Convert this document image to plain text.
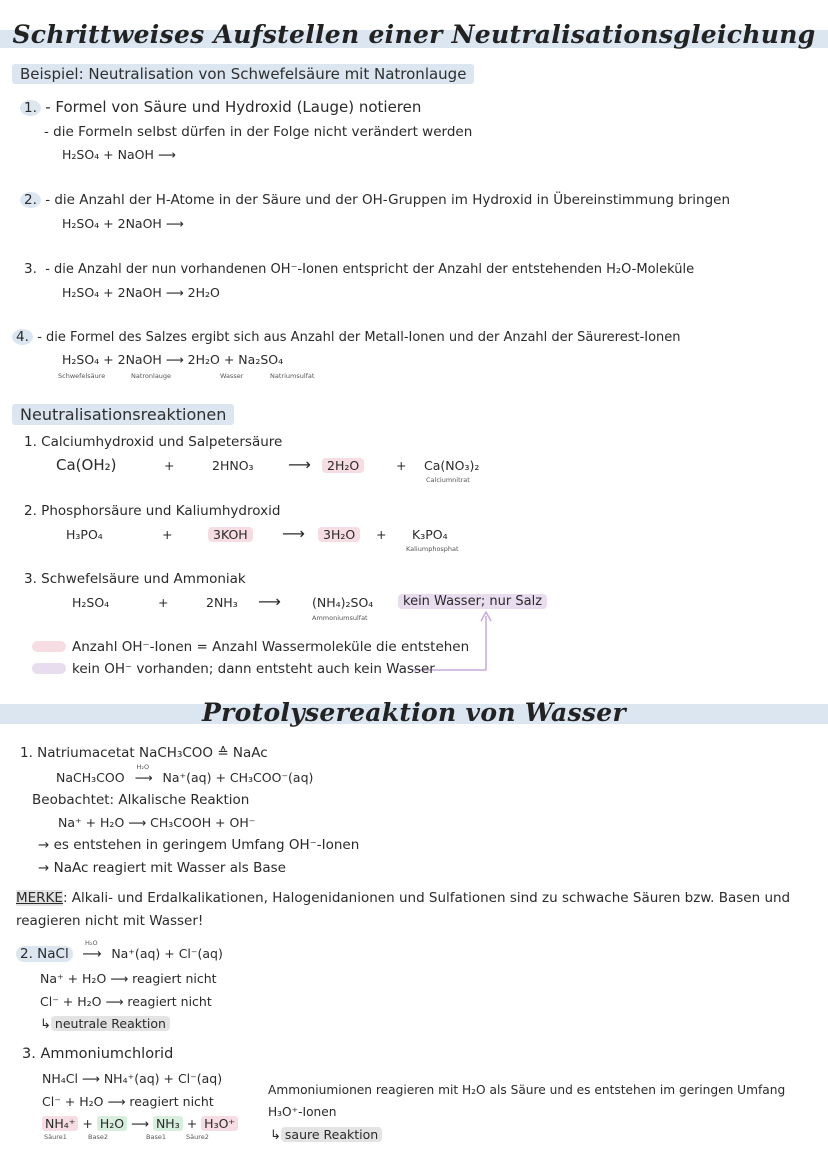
Schrittweises Aufstellen einer Neutralisationsgleichung
Beispiel: Neutralisation von Schwefelsäure mit Natronlauge
1. - Formel von Säure und Hydroxid (Lauge) notieren
- die Formeln selbst dürfen in der Folge nicht verändert werden
H₂SO₄ + NaOH ⟶
2. - die Anzahl der H-Atome in der Säure und der OH-Gruppen im Hydroxid in Übereinstimmung bringen
H₂SO₄ + 2NaOH ⟶
3. - die Anzahl der nun vorhandenen OH⁻-Ionen entspricht der Anzahl der entstehenden H₂O-Moleküle
H₂SO₄ + 2NaOH ⟶ 2H₂O
4. - die Formel des Salzes ergibt sich aus Anzahl der Metall-Ionen und der Anzahl der Säurerest-Ionen
H₂SO₄ + 2NaOH ⟶ 2H₂O + Na₂SO₄
Schwefelsäure	Natronlauge	Wasser	Natriumsulfat
Neutralisationsreaktionen
1. Calciumhydroxid und Salpetersäure
Ca(OH₂)	+	2HNO₃ ⟶	2H₂O	+ Ca(NO₃)₂
Calciumnitrat
2. Phosphorsäure und Kaliumhydroxid
H₃PO₄	+	3KOH	⟶	3H₂O	+ K₃PO₄
Kaliumphosphat
3. Schwefelsäure und Ammoniak
H₂SO₄	+	2NH₃ ⟶ (NH₄)₂SO₄
Ammoniumsulfat
kein Wasser; nur Salz
Anzahl OH⁻-Ionen = Anzahl Wassermoleküle die entstehen
kein OH⁻ vorhanden; dann entsteht auch kein Wasser
Protolysereaktion von Wasser
1. Natriumacetat NaCH₃COO ≙ NaAc
NaCH₃COO
H₂O
⟶ Na⁺(aq) + CH₃COO⁻(aq)
Beobachtet: Alkalische Reaktion
Na⁺ + H₂O ⟶ CH₃COOH + OH⁻
→ es entstehen in geringem Umfang OH⁻-Ionen
→ NaAc reagiert mit Wasser als Base
MERKE: Alkali- und Erdalkalikationen, Halogenidanionen und Sulfationen sind zu schwache Säuren bzw. Basen und
reagieren nicht mit Wasser!
2. NaCl
H₂O
⟶ Na⁺(aq) + Cl⁻(aq)
Na⁺ + H₂O ⟶ reagiert nicht
Cl⁻ + H₂O ⟶ reagiert nicht
↳ neutrale Reaktion
3. Ammoniumchlorid
NH₄Cl ⟶ NH₄⁺(aq) + Cl⁻(aq)
Cl⁻ + H₂O ⟶ reagiert nicht
NH₄⁺ + H₂O ⟶ NH₃ + H₃O⁺
Säure1	Base2	Base1	Säure2
Ammoniumionen reagieren mit H₂O als Säure und es entstehen im geringen Umfang
H₃O⁺-Ionen
↳ saure Reaktion
